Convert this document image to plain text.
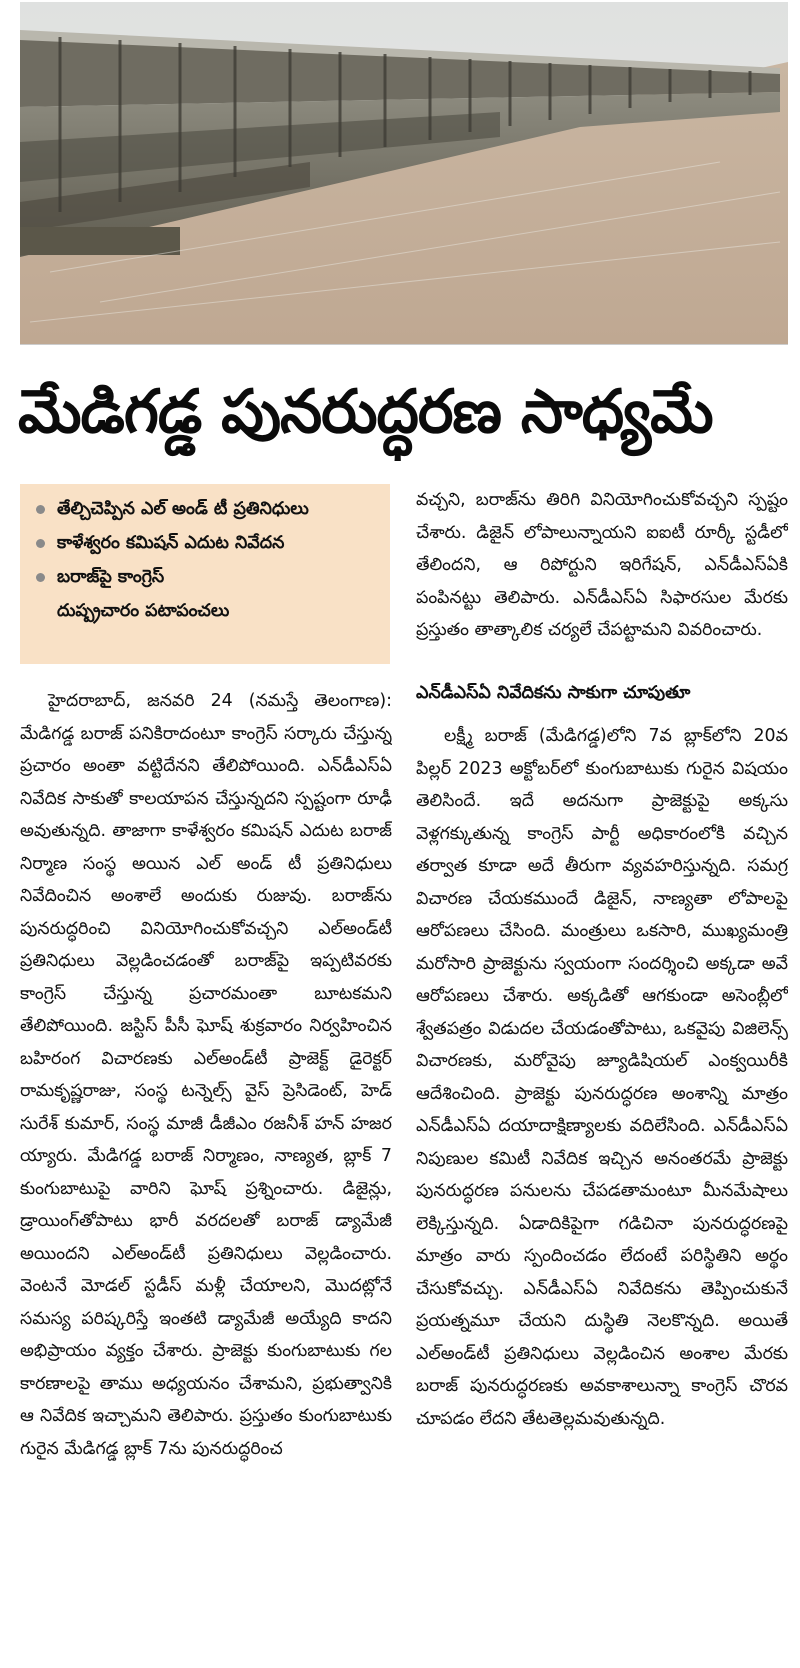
మేడిగడ్డ పునరుద్ధరణ సాధ్యమే
తేల్చిచెప్పిన ఎల్‌ అండ్‌ టీ ప్రతినిధులు
కాళేశ్వరం కమిషన్‌ ఎదుట నివేదన
బరాజ్‌పై కాంగ్రెస్‌
దుష్ప్రచారం పటాపంచలు

హైదరాబాద్‌, జనవరి 24 (నమస్తే తెలంగాణ): మేడిగడ్డ బరాజ్‌ పనికిరాదంటూ కాంగ్రెస్‌ సర్కారు చేస్తున్న ప్రచారం అంతా వట్టిదేనని తేలిపోయింది. ఎన్‌డీఎస్‌ఏ నివేదిక సాకుతో కాలయాపన చేస్తున్నదని స్పష్టంగా రూఢీ అవుతున్నది. తాజాగా కాళేశ్వరం కమిషన్‌ ఎదుట బరాజ్‌ నిర్మాణ సంస్థ అయిన ఎల్‌ అండ్‌ టీ ప్రతినిధులు నివేదించిన అంశాలే అందుకు రుజువు. బరాజ్‌ను పునరుద్ధరించి వినియోగించుకోవచ్చని ఎల్‌అండ్‌టీ ప్రతినిధులు వెల్లడించడంతో బరాజ్‌పై ఇప్పటివరకు కాంగ్రెస్‌ చేస్తున్న ప్రచారమంతా బూటకమని తేలిపోయింది. జస్టిస్‌ పీసీ ఘోష్‌ శుక్రవారం నిర్వహించిన బహిరంగ విచారణకు ఎల్‌అండ్‌టీ ప్రాజెక్ట్‌ డైరెక్టర్‌ రామకృష్ణరాజు, సంస్థ టన్నెల్స్‌ వైస్‌ ప్రెసిడెంట్‌, హెడ్‌ సురేశ్‌ కుమార్‌, సంస్థ మాజీ డీజీఎం రజనీశ్‌ హన్‌ హజర య్యారు. మేడిగడ్డ బరాజ్‌ నిర్మాణం, నాణ్యత, బ్లాక్‌ 7 కుంగుబాటుపై వారిని ఘోష్‌ ప్రశ్నించారు. డిజైన్లు, డ్రాయింగ్‌తోపాటు భారీ వరదలతో బరాజ్‌ డ్యామేజీ అయిందని ఎల్‌అండ్‌టీ ప్రతినిధులు వెల్లడించారు. వెంటనే మోడల్‌ స్టడీస్‌ మళ్లీ చేయాలని, మొదట్లోనే సమస్య పరిష్కరిస్తే ఇంతటి డ్యామేజీ అయ్యేది కాదని అభిప్రాయం వ్యక్తం చేశారు. ప్రాజెక్టు కుంగుబాటుకు గల కారణాలపై తాము అధ్యయనం చేశామని, ప్రభుత్వానికి ఆ నివేదిక ఇచ్చామని తెలిపారు. ప్రస్తుతం కుంగుబాటుకు గురైన మేడిగడ్డ బ్లాక్‌ 7ను పునరుద్ధరించ

వచ్చని, బరాజ్‌ను తిరిగి వినియోగించుకోవచ్చని స్పష్టం చేశారు. డిజైన్‌ లోపాలున్నాయని ఐఐటీ రూర్కీ స్టడీలో తేలిందని, ఆ రిపోర్టుని ఇరిగేషన్‌, ఎన్‌డీఎస్‌ఏకి పంపినట్టు తెలిపారు. ఎన్‌డీఎస్‌ఏ సిఫారసుల మేరకు ప్రస్తుతం తాత్కాలిక చర్యలే చేపట్టామని వివరించారు.

ఎన్‌డీఎస్‌ఏ నివేదికను సాకుగా చూపుతూ

లక్ష్మీ బరాజ్‌ (మేడిగడ్డ)లోని 7వ బ్లాక్‌లోని 20వ పిల్లర్‌ 2023 అక్టోబర్‌లో కుంగుబాటుకు గురైన విషయం తెలిసిందే. ఇదే అదనుగా ప్రాజెక్టుపై అక్కసు వెళ్లగక్కుతున్న కాంగ్రెస్‌ పార్టీ అధికారంలోకి వచ్చిన తర్వాత కూడా అదే తీరుగా వ్యవహరిస్తున్నది. సమగ్ర విచారణ చేయకముందే డిజైన్‌, నాణ్యతా లోపాలపై ఆరోపణలు చేసింది. మంత్రులు ఒకసారి, ముఖ్యమంత్రి మరోసారి ప్రాజెక్టును స్వయంగా సందర్శించి అక్కడా అవే ఆరోపణలు చేశారు. అక్కడితో ఆగకుండా అసెంబ్లీలో శ్వేతపత్రం విడుదల చేయడంతోపాటు, ఒకవైపు విజిలెన్స్‌ విచారణకు, మరోవైపు జ్యూడిషియల్‌ ఎంక్వయిరీకి ఆదేశించింది. ప్రాజెక్టు పునరుద్ధరణ అంశాన్ని మాత్రం ఎన్‌డీఎస్‌ఏ దయాదాక్షిణ్యాలకు వదిలేసింది. ఎన్‌డీఎస్‌ఏ నిపుణుల కమిటీ నివేదిక ఇచ్చిన అనంతరమే ప్రాజెక్టు పునరుద్ధరణ పనులను చేపడతామంటూ మీనమేషాలు లెక్కిస్తున్నది. ఏడాదికిపైగా గడిచినా పునరుద్ధరణపై మాత్రం వారు స్పందించడం లేదంటే పరిస్థితిని అర్థం చేసుకోవచ్చు. ఎన్‌డీఎస్‌ఏ నివేదికను తెప్పించుకునే ప్రయత్నమూ చేయని దుస్థితి నెలకొన్నది. అయితే ఎల్‌అండ్‌టీ ప్రతినిధులు వెల్లడించిన అంశాల మేరకు బరాజ్‌ పునరుద్ధరణకు అవకాశాలున్నా కాంగ్రెస్‌ చొరవ చూపడం లేదని తేటతెల్లమవుతున్నది.
